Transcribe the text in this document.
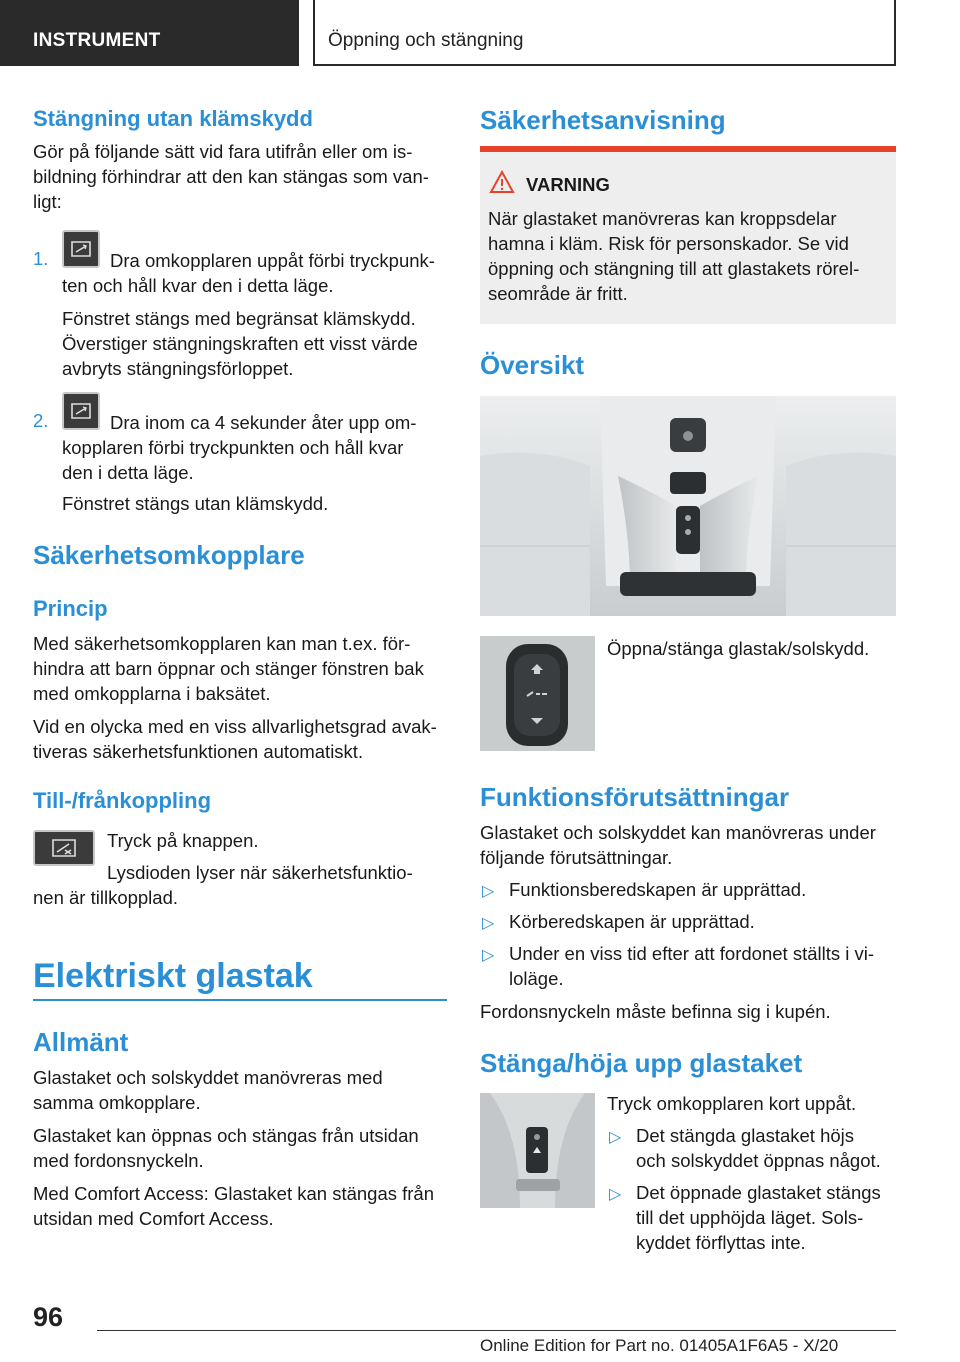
INSTRUMENT	Öppning och stängning
Stängning utan klämskydd
Gör på följande sätt vid fara utifrån eller om is-
bildning förhindrar att den kan stängas som van-
ligt:
1.	Dra omkopplaren uppåt förbi tryckpunk-
ten och håll kvar den i detta läge.
Fönstret stängs med begränsat klämskydd.
Överstiger stängningskraften ett visst värde
avbryts stängningsförloppet.
2.	Dra inom ca 4 sekunder åter upp om-
kopplaren förbi tryckpunkten och håll kvar
den i detta läge.
Fönstret stängs utan klämskydd.
Säkerhetsomkopplare
Princip
Med säkerhetsomkopplaren kan man t.ex. för-
hindra att barn öppnar och stänger fönstren bak
med omkopplarna i baksätet.
Vid en olycka med en viss allvarlighetsgrad avak-
tiveras säkerhetsfunktionen automatiskt.
Till-/frånkoppling
Tryck på knappen.
Lysdioden lyser när säkerhetsfunktio-
nen är tillkopplad.
Elektriskt glastak
Allmänt
Glastaket och solskyddet manövreras med
samma omkopplare.
Glastaket kan öppnas och stängas från utsidan
med fordonsnyckeln.
Med Comfort Access: Glastaket kan stängas från
utsidan med Comfort Access.
Säkerhetsanvisning
VARNING
När glastaket manövreras kan kroppsdelar
hamna i kläm. Risk för personskador. Se vid
öppning och stängning till att glastakets rörel-
seområde är fritt.
Översikt
Öppna/stänga glastak/solskydd.
Funktionsförutsättningar
Glastaket och solskyddet kan manövreras under
följande förutsättningar.
▷ Funktionsberedskapen är upprättad.
▷ Körberedskapen är upprättad.
▷ Under en viss tid efter att fordonet ställts i vi-
loläge.
Fordonsnyckeln måste befinna sig i kupén.
Stänga/höja upp glastaket
Tryck omkopplaren kort uppåt.
▷ Det stängda glastaket höjs
och solskyddet öppnas något.
▷ Det öppnade glastaket stängs
till det upphöjda läget. Sols-
kyddet förflyttas inte.
96
Online Edition for Part no. 01405A1F6A5 - X/20
